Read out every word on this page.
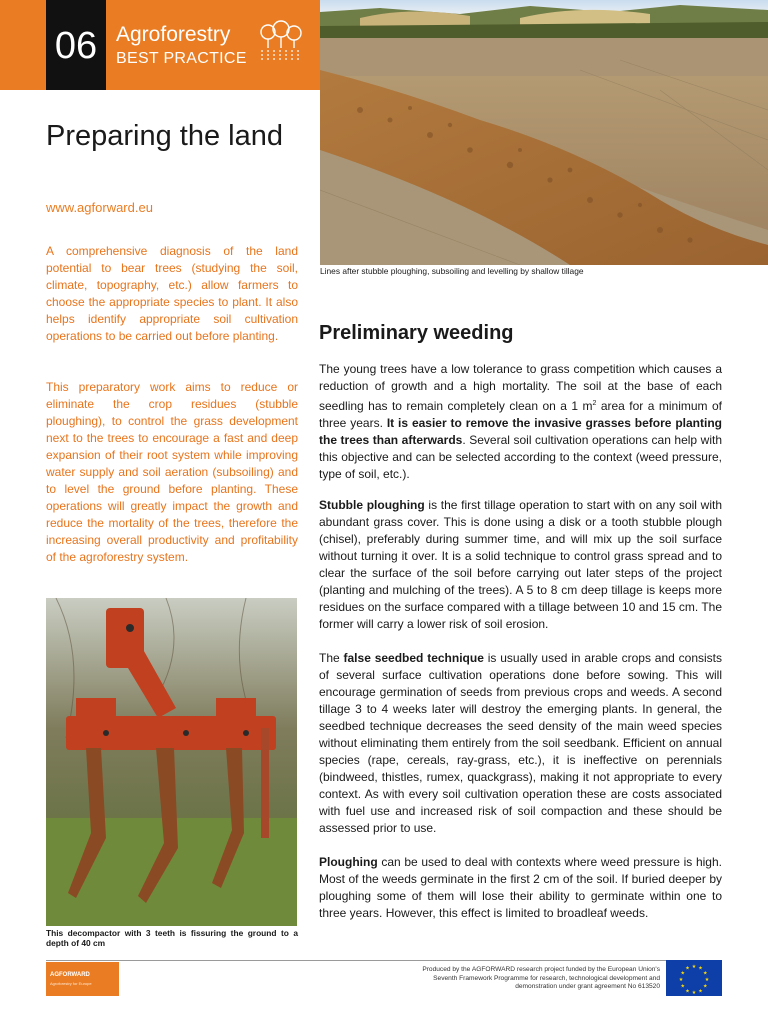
06 Agroforestry
BEST PRACTICE
Preparing the land
www.agforward.eu

A comprehensive diagnosis of the land potential to bear trees (studying the soil, climate, topography, etc.) allow farmers to choose the appropriate species to plant. It also helps identify appropriate soil cultivation operations to be carried out before planting.

This preparatory work aims to reduce or eliminate the crop residues (stubble ploughing), to control the grass development next to the trees to encourage a fast and deep expansion of their root system while improving water supply and soil aeration (subsoiling) and to level the ground before planting. These operations will greatly impact the growth and reduce the mortality of the trees, therefore the increasing overall productivity and profitability of the agroforestry system.

Lines after stubble ploughing, subsoiling and levelling by shallow tillage
This decompactor with 3 teeth is fissuring the ground to a depth of 40 cm
Preliminary weeding

The young trees have a low tolerance to grass competition which causes a reduction of growth and a high mortality. The soil at the base of each seedling has to remain completely clean on a 1 $m^2$ area for a minimum of three years. It is easier to remove the invasive grasses before planting the trees than afterwards. Several soil cultivation operations can help with this objective and can be selected according to the context (weed pressure, type of soil, etc.).

Stubble ploughing is the first tillage operation to start with on any soil with abundant grass cover. This is done using a disk or a tooth stubble plough (chisel), preferably during summer time, and will mix up the soil surface without turning it over. It is a solid technique to control grass spread and to clear the surface of the soil before carrying out later steps of the project (planting and mulching of the trees). A 5 to 8 cm deep tillage is keeps more residues on the surface compared with a tillage between 10 and 15 cm. The former will carry a lower risk of soil erosion.

The false seedbed technique is usually used in arable crops and consists of several surface cultivation operations done before sowing. This will encourage germination of seeds from previous crops and weeds. A second tillage 3 to 4 weeks later will destroy the emerging plants. In general, the seedbed technique decreases the seed density of the main weed species without eliminating them entirely from the soil seedbank. Efficient on annual species (rape, cereals, ray-grass, etc.), it is ineffective on perennials (bindweed, thistles, rumex, quackgrass), making it not appropriate to every context. As with every soil cultivation operation these are costs associated with fuel use and increased risk of soil compaction and these should be assessed prior to use.

Ploughing can be used to deal with contexts where weed pressure is high. Most of the weeds germinate in the first 2 cm of the soil. If buried deeper by ploughing some of them will lose their ability to germinate within one to three years. However, this effect is limited to broadleaf weeds.

AGFORWARD
Agroforestry for Europe
Produced by the AGFORWARD research project funded by the European Union's Seventh Framework Programme for research, technological development and demonstration under grant agreement No 613520
★ ★
★
★
★
★
★
★
★
★
★
★
